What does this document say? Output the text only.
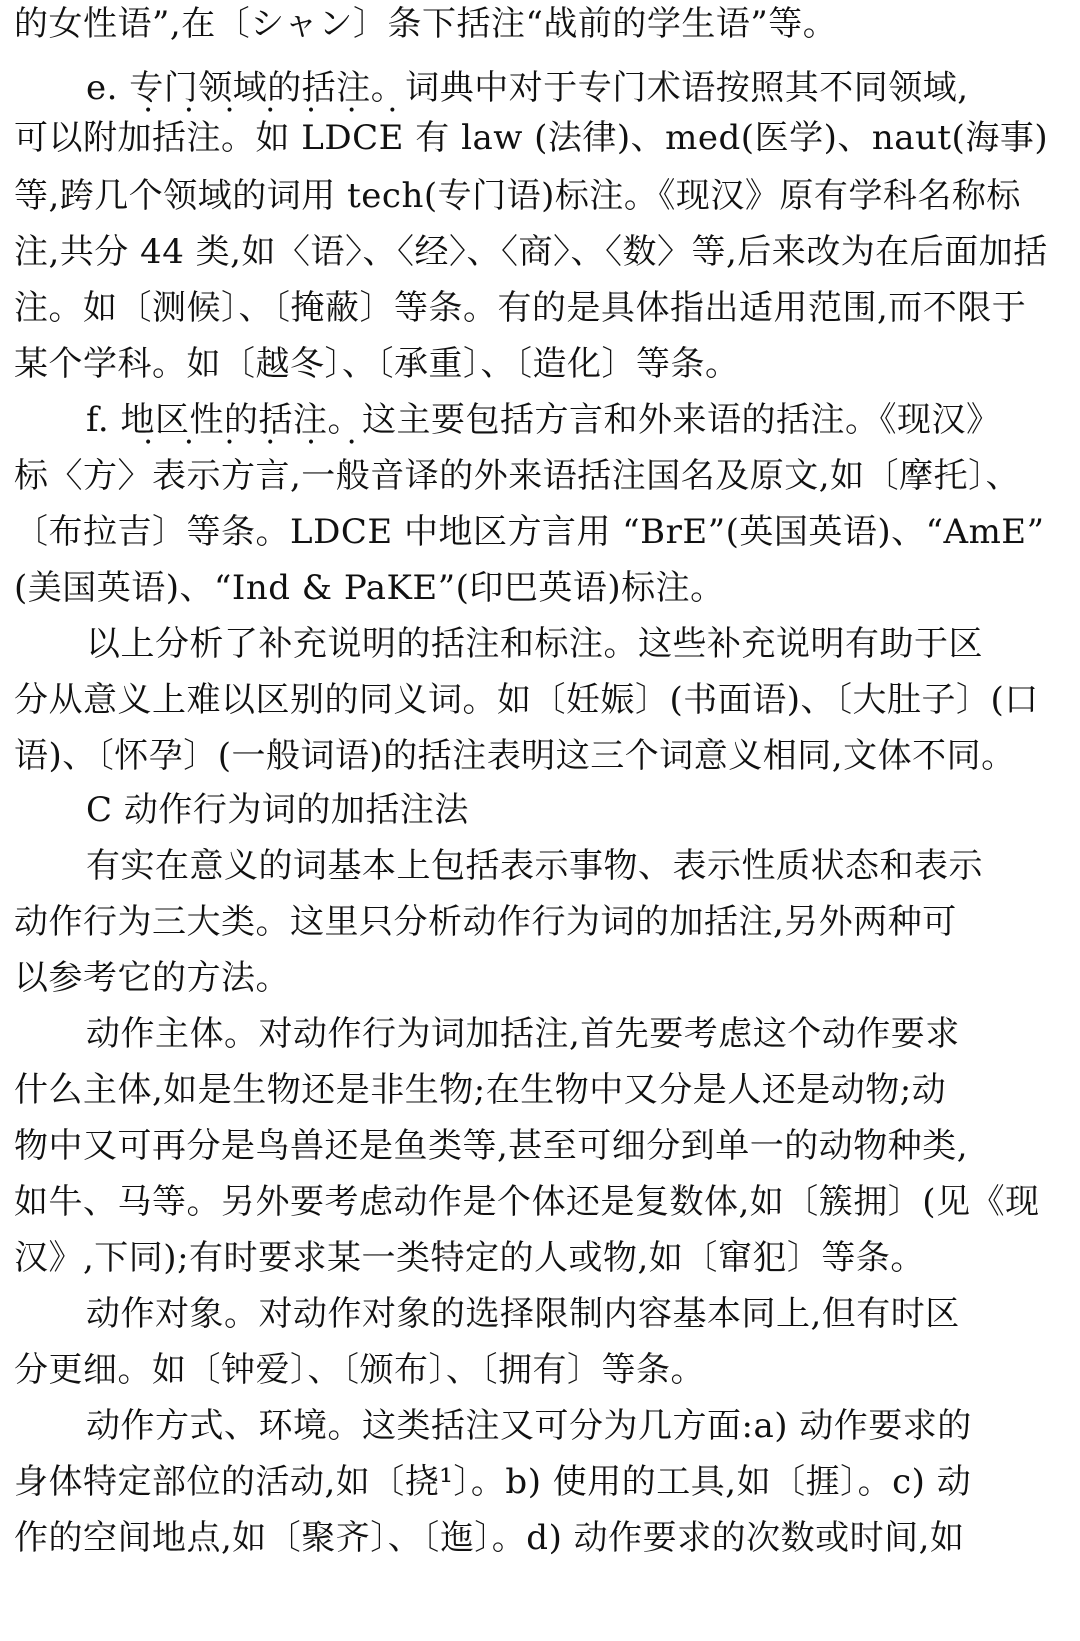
的女性语”,在〔シャン〕条下括注“战前的学生语”等。
e. 专门领域的括注。词典中对于专门术语按照其不同领域,
• • • • • • •
可以附加括注。如 LDCE 有 law (法律)、med(医学)、naut(海事)
等,跨几个领域的词用 tech(专门语)标注。《现汉》原有学科名称标
注,共分 44 类,如〈语〉、〈经〉、〈商〉、〈数〉等,后来改为在后面加括
注。如〔测候〕、〔掩蔽〕等条。有的是具体指出适用范围,而不限于
某个学科。如〔越冬〕、〔承重〕、〔造化〕等条。
f. 地区性的括注。这主要包括方言和外来语的括注。《现汉》
• • • • • •
标〈方〉表示方言,一般音译的外来语括注国名及原文,如〔摩托〕、
〔布拉吉〕等条。LDCE 中地区方言用 “BrE”(英国英语)、“AmE”
(美国英语)、“Ind & PaKE”(印巴英语)标注。
以上分析了补充说明的括注和标注。这些补充说明有助于区
分从意义上难以区别的同义词。如〔妊娠〕(书面语)、〔大肚子〕(口
语)、〔怀孕〕(一般词语)的括注表明这三个词意义相同,文体不同。
C 动作行为词的加括注法
有实在意义的词基本上包括表示事物、表示性质状态和表示
动作行为三大类。这里只分析动作行为词的加括注,另外两种可
以参考它的方法。
动作主体。对动作行为词加括注,首先要考虑这个动作要求
什么主体,如是生物还是非生物;在生物中又分是人还是动物;动
物中又可再分是鸟兽还是鱼类等,甚至可细分到单一的动物种类,
如牛、马等。另外要考虑动作是个体还是复数体,如〔簇拥〕(见《现
汉》,下同);有时要求某一类特定的人或物,如〔窜犯〕等条。
动作对象。对动作对象的选择限制内容基本同上,但有时区
分更细。如〔钟爱〕、〔颁布〕、〔拥有〕等条。
动作方式、环境。这类括注又可分为几方面:a) 动作要求的
身体特定部位的活动,如〔挠¹〕。b) 使用的工具,如〔捱〕。c) 动
作的空间地点,如〔聚齐〕、〔迤〕。d) 动作要求的次数或时间,如
